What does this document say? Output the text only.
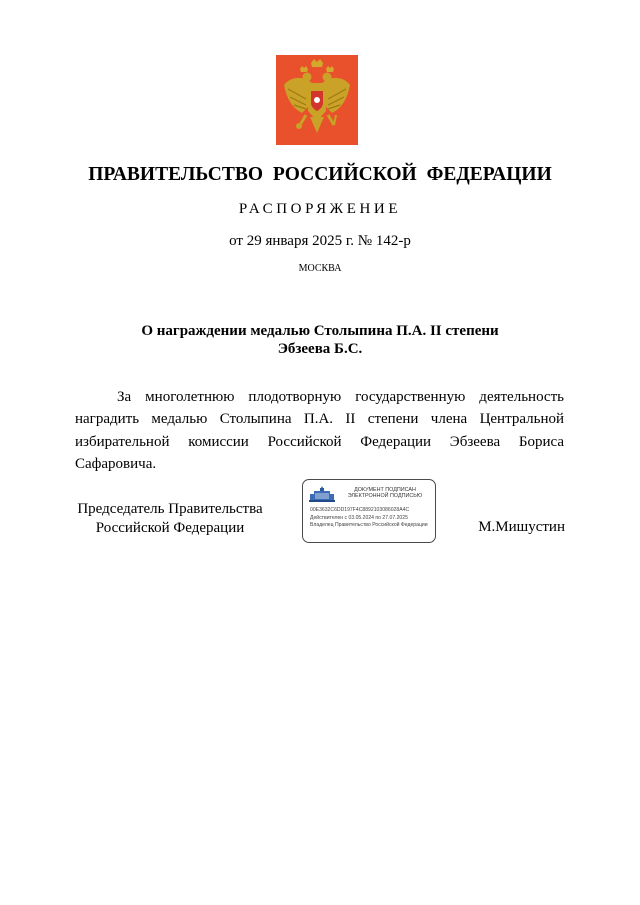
ПРАВИТЕЛЬСТВО РОССИЙСКОЙ ФЕДЕРАЦИИ
РАСПОРЯЖЕНИЕ
от 29 января 2025 г. № 142-р
МОСКВА
О награждении медалью Столыпина П.А. II степени
Эбзеева Б.С.
За многолетнюю плодотворную государственную деятельность наградить медалью Столыпина П.А. II степени члена Центральной избирательной комиссии Российской Федерации Эбзеева Бориса Сафаровича.
Председатель Правительства
Российской Федерации
ДОКУМЕНТ ПОДПИСАН
ЭЛЕКТРОННОЙ ПОДПИСЬЮ
00E3632C6DD197F4C8892103086028A4C
Действителен с 03.05.2024 по 27.07.2025
Владелец Правительство Российской Федерации	М.Мишустин
